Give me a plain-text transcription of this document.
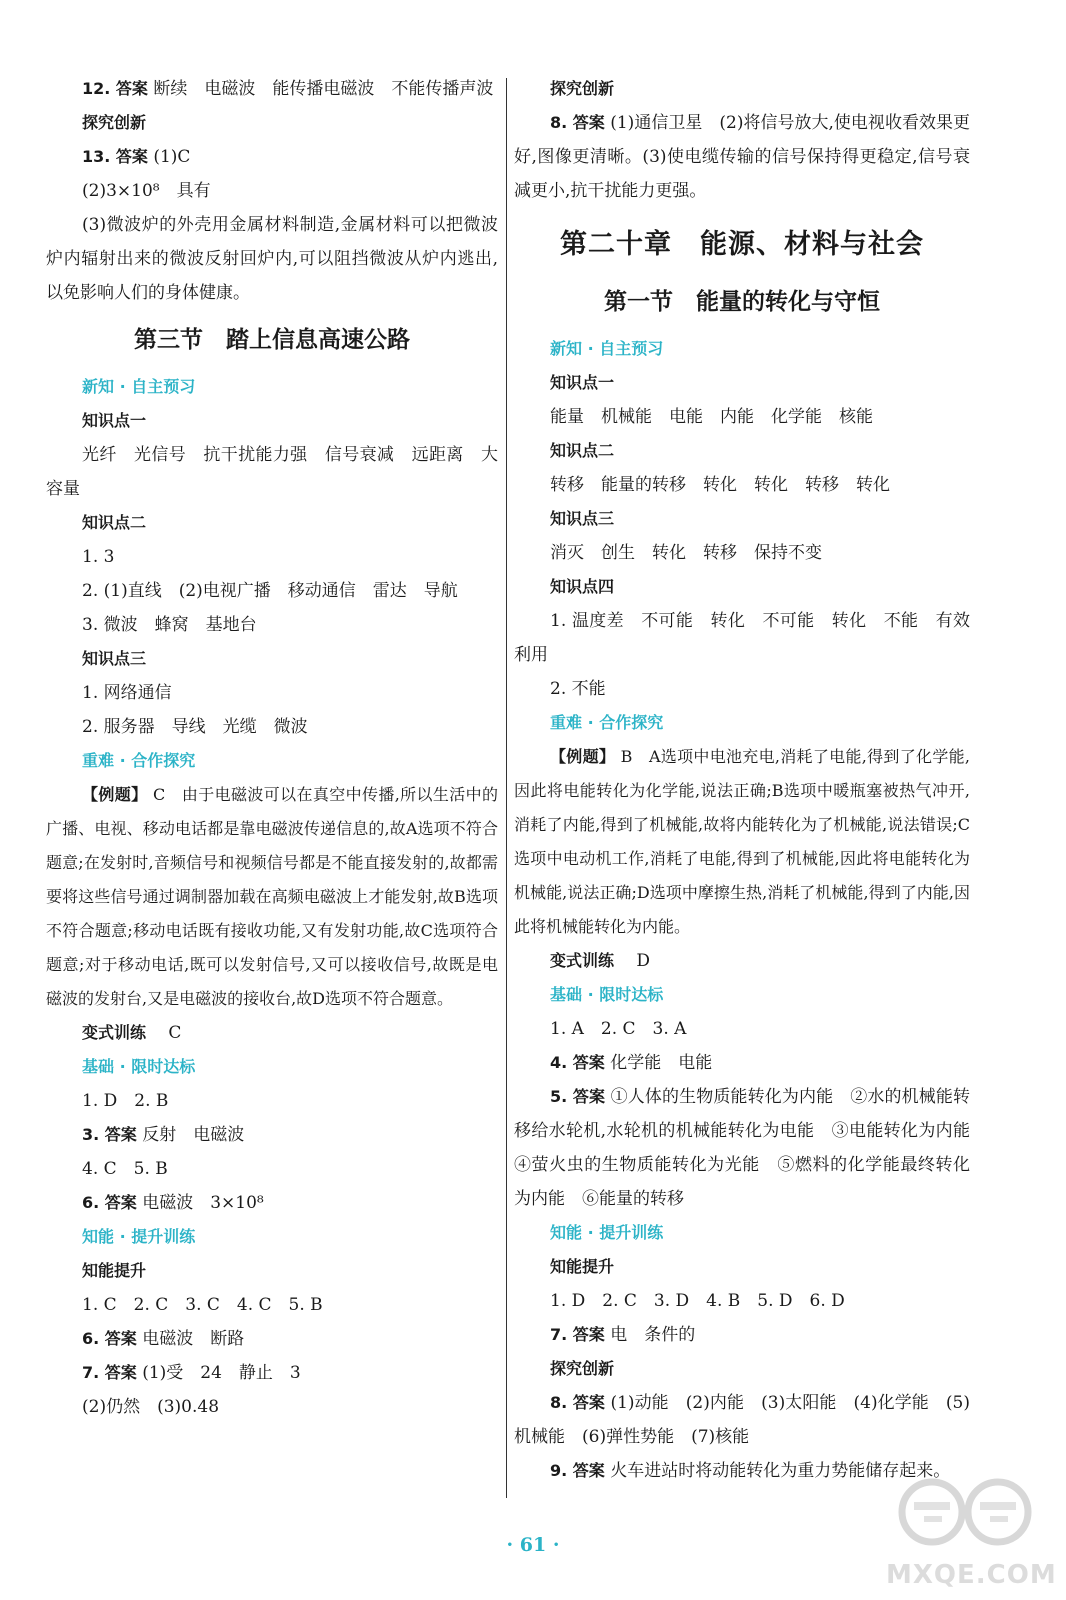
12. 答案 断续　电磁波　能传播电磁波　不能传播声波
探究创新
13. 答案 (1)C
(2)3×10⁸　具有
(3)微波炉的外壳用金属材料制造,金属材料可以把微波炉内辐射出来的微波反射回炉内,可以阻挡微波从炉内逃出,以免影响人们的身体健康。
第三节　踏上信息高速公路
新知 · 自主预习
知识点一
光纤　光信号　抗干扰能力强　信号衰减　远距离　大容量
知识点二
1. 3
2. (1)直线　(2)电视广播　移动通信　雷达　导航
3. 微波　蜂窝　基地台
知识点三
1. 网络通信
2. 服务器　导线　光缆　微波
重难 · 合作探究
【例题】 C　由于电磁波可以在真空中传播,所以生活中的广播、电视、移动电话都是靠电磁波传递信息的,故A选项不符合题意;在发射时,音频信号和视频信号都是不能直接发射的,故都需要将这些信号通过调制器加载在高频电磁波上才能发射,故B选项不符合题意;移动电话既有接收功能,又有发射功能,故C选项符合题意;对于移动电话,既可以发射信号,又可以接收信号,故既是电磁波的发射台,又是电磁波的接收台,故D选项不符合题意。
变式训练 　C
基础 · 限时达标
1. D　2. B
3. 答案 反射　电磁波
4. C　5. B
6. 答案 电磁波　3×10⁸
知能 · 提升训练
知能提升
1. C　2. C　3. C　4. C　5. B
6. 答案 电磁波　断路
7. 答案 (1)受　24　静止　3
(2)仍然　(3)0.48
探究创新
8. 答案 (1)通信卫星　(2)将信号放大,使电视收看效果更好,图像更清晰。(3)使电缆传输的信号保持得更稳定,信号衰减更小,抗干扰能力更强。
第二十章　能源、材料与社会
第一节　能量的转化与守恒
新知 · 自主预习
知识点一
能量　机械能　电能　内能　化学能　核能
知识点二
转移　能量的转移　转化　转化　转移　转化
知识点三
消灭　创生　转化　转移　保持不变
知识点四
1. 温度差　不可能　转化　不可能　转化　不能　有效利用
2. 不能
重难 · 合作探究
【例题】 B　A选项中电池充电,消耗了电能,得到了化学能,因此将电能转化为化学能,说法正确;B选项中暖瓶塞被热气冲开,消耗了内能,得到了机械能,故将内能转化为了机械能,说法错误;C选项中电动机工作,消耗了电能,得到了机械能,因此将电能转化为机械能,说法正确;D选项中摩擦生热,消耗了机械能,得到了内能,因此将机械能转化为内能。
变式训练 　D
基础 · 限时达标
1. A　2. C　3. A
4. 答案 化学能　电能
5. 答案 ①人体的生物质能转化为内能　②水的机械能转移给水轮机,水轮机的机械能转化为电能　③电能转化为内能　④萤火虫的生物质能转化为光能　⑤燃料的化学能最终转化为内能　⑥能量的转移
知能 · 提升训练
知能提升
1. D　2. C　3. D　4. B　5. D　6. D
7. 答案 电　条件的
探究创新
8. 答案 (1)动能　(2)内能　(3)太阳能　(4)化学能　(5)机械能　(6)弹性势能　(7)核能
9. 答案 火车进站时将动能转化为重力势能储存起来。
· 61 ·
MXQE.COM
